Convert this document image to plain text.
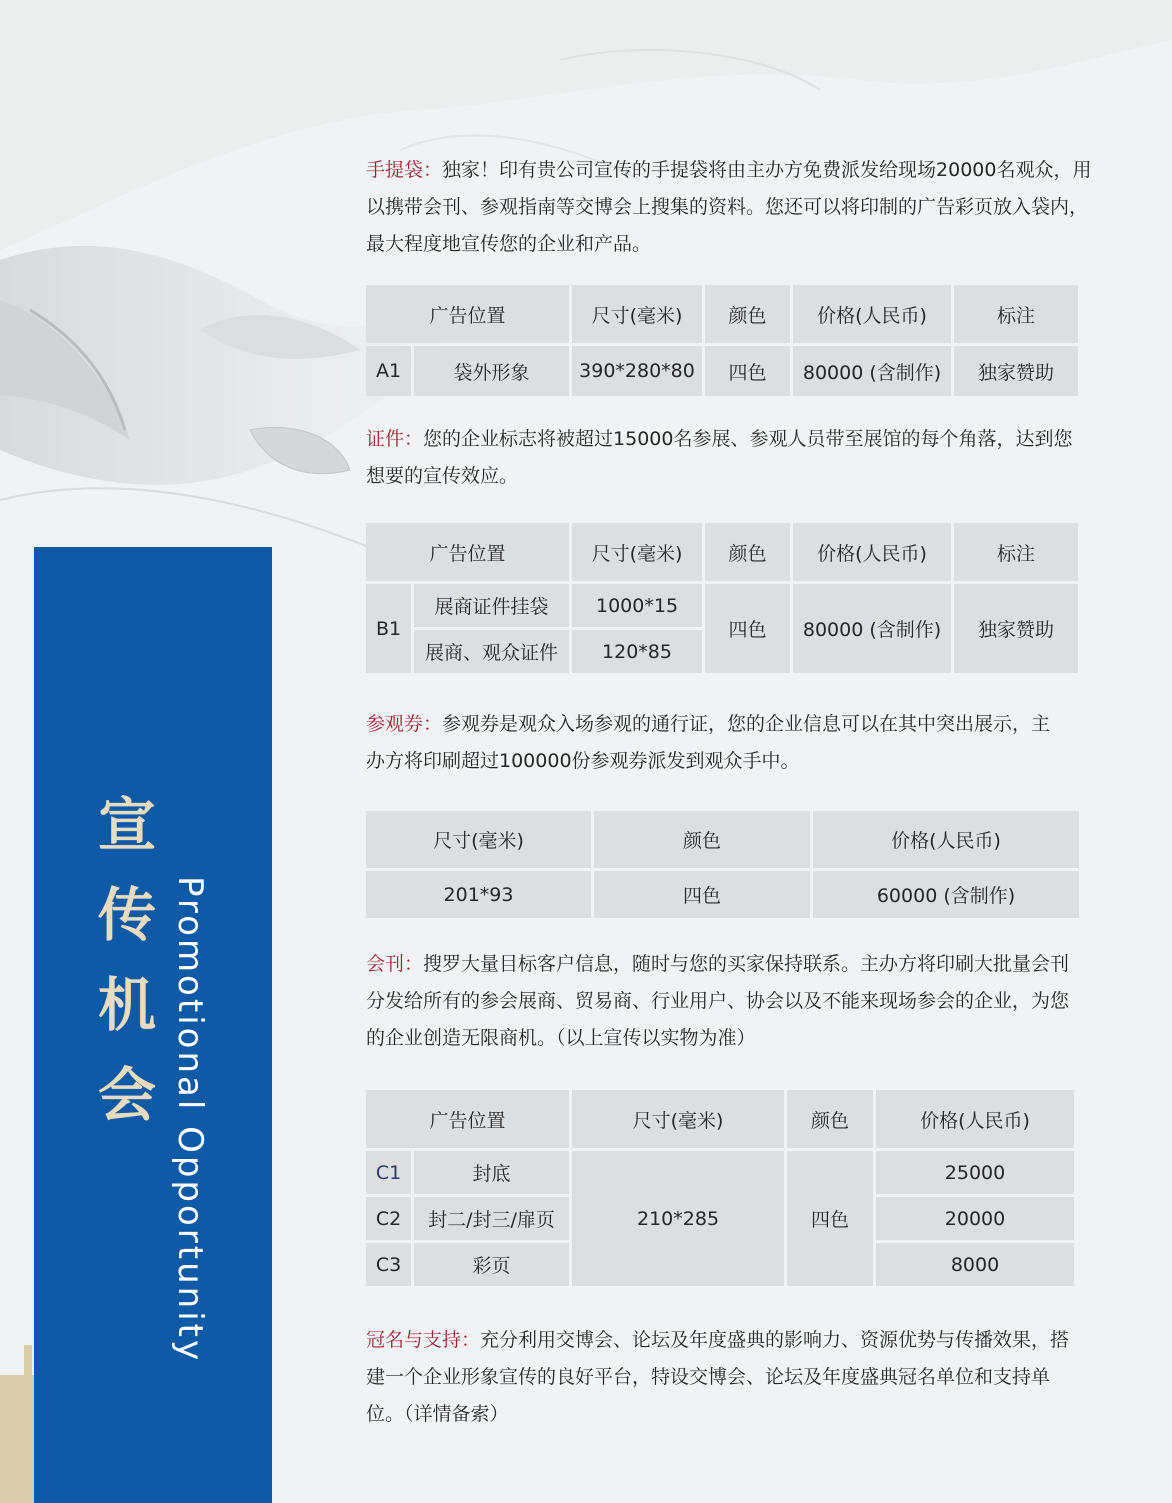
宣
传
机
会 Promotional Opportunity
手提袋：独家！印有贵公司宣传的手提袋将由主办方免费派发给现场20000名观众，用以携带会刊、参观指南等交博会上搜集的资料。您还可以将印制的广告彩页放入袋内，最大程度地宣传您的企业和产品。
广告位置		尺寸(毫米)	颜色	价格(人民币)	标注
A1	袋外形象	390*280*80	四色	80000 (含制作)	独家赞助
证件：您的企业标志将被超过15000名参展、参观人员带至展馆的每个角落，达到您想要的宣传效应。
广告位置		尺寸(毫米)	颜色	价格(人民币)	标注
B1	展商证件挂袋	1000*15	四色	80000 (含制作)	独家赞助
	展商、观众证件	120*85			
参观券：参观券是观众入场参观的通行证，您的企业信息可以在其中突出展示，主办方将印刷超过100000份参观券派发到观众手中。
尺寸(毫米)	颜色	价格(人民币)
201*93	四色	60000 (含制作)
会刊：搜罗大量目标客户信息，随时与您的买家保持联系。主办方将印刷大批量会刊分发给所有的参会展商、贸易商、行业用户、协会以及不能来现场参会的企业，为您的企业创造无限商机。（以上宣传以实物为准）
广告位置		尺寸(毫米)	颜色	价格(人民币)
C1	封底	210*285	四色	25000
C2	封二/封三/扉页			20000
C3	彩页			8000
冠名与支持：充分利用交博会、论坛及年度盛典的影响力、资源优势与传播效果，搭建一个企业形象宣传的良好平台，特设交博会、论坛及年度盛典冠名单位和支持单位。（详情备索）
